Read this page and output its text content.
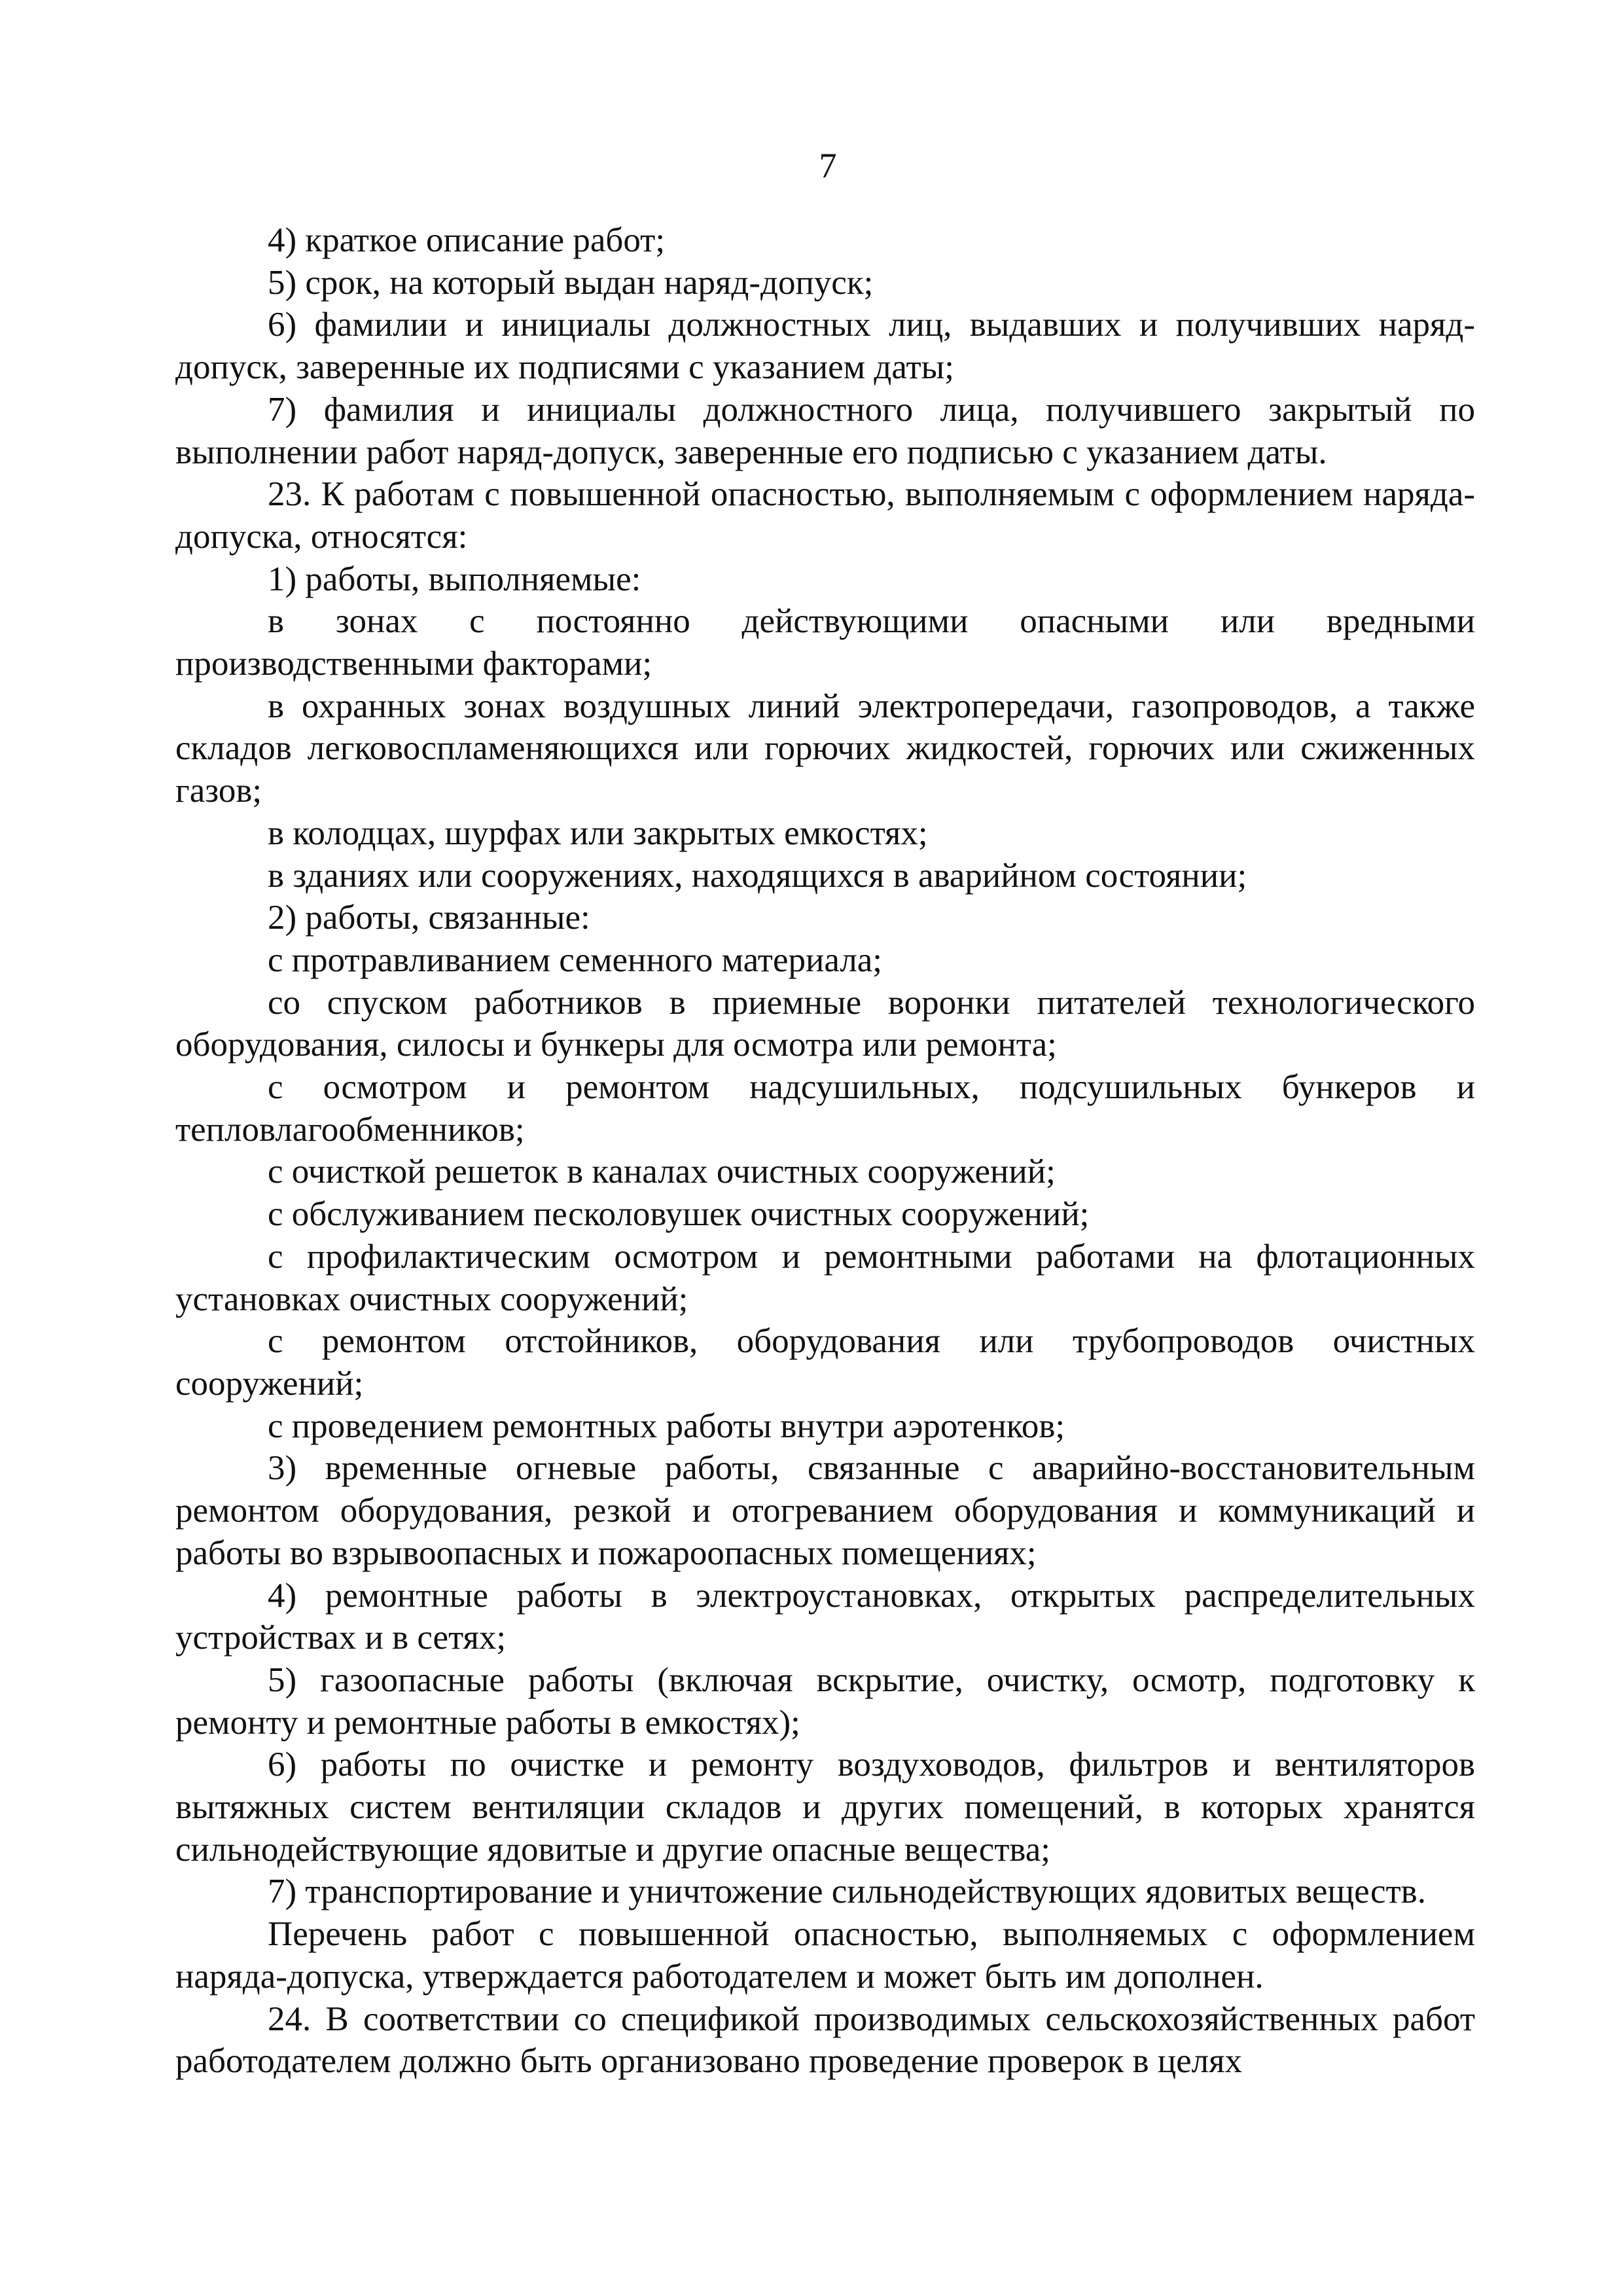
7

4) краткое описание работ;

5) срок, на который выдан наряд-допуск;

6) фамилии и инициалы должностных лиц, выдавших и получивших наряд-допуск, заверенные их подписями с указанием даты;

7) фамилия и инициалы должностного лица, получившего закрытый по выполнении работ наряд-допуск, заверенные его подписью с указанием даты.

23. К работам с повышенной опасностью, выполняемым с оформлением наряда-допуска, относятся:

1) работы, выполняемые:

в зонах с постоянно действующими опасными или вредными производственными факторами;

в охранных зонах воздушных линий электропередачи, газопроводов, а также складов легковоспламеняющихся или горючих жидкостей, горючих или сжиженных газов;

в колодцах, шурфах или закрытых емкостях;

в зданиях или сооружениях, находящихся в аварийном состоянии;

2) работы, связанные:

с протравливанием семенного материала;

со спуском работников в приемные воронки питателей технологического оборудования, силосы и бункеры для осмотра или ремонта;

с осмотром и ремонтом надсушильных, подсушильных бункеров и тепловлагообменников;

с очисткой решеток в каналах очистных сооружений;

с обслуживанием песколовушек очистных сооружений;

с профилактическим осмотром и ремонтными работами на флотационных установках очистных сооружений;

с ремонтом отстойников, оборудования или трубопроводов очистных сооружений;

с проведением ремонтных работы внутри аэротенков;

3) временные огневые работы, связанные с аварийно-восстановительным ремонтом оборудования, резкой и отогреванием оборудования и коммуникаций и работы во взрывоопасных и пожароопасных помещениях;

4) ремонтные работы в электроустановках, открытых распределительных устройствах и в сетях;

5) газоопасные работы (включая вскрытие, очистку, осмотр, подготовку к ремонту и ремонтные работы в емкостях);

6) работы по очистке и ремонту воздуховодов, фильтров и вентиляторов вытяжных систем вентиляции складов и других помещений, в которых хранятся сильнодействующие ядовитые и другие опасные вещества;

7) транспортирование и уничтожение сильнодействующих ядовитых веществ.

Перечень работ с повышенной опасностью, выполняемых с оформлением наряда-допуска, утверждается работодателем и может быть им дополнен.

24. В соответствии со спецификой производимых сельскохозяйственных работ работодателем должно быть организовано проведение проверок в целях
